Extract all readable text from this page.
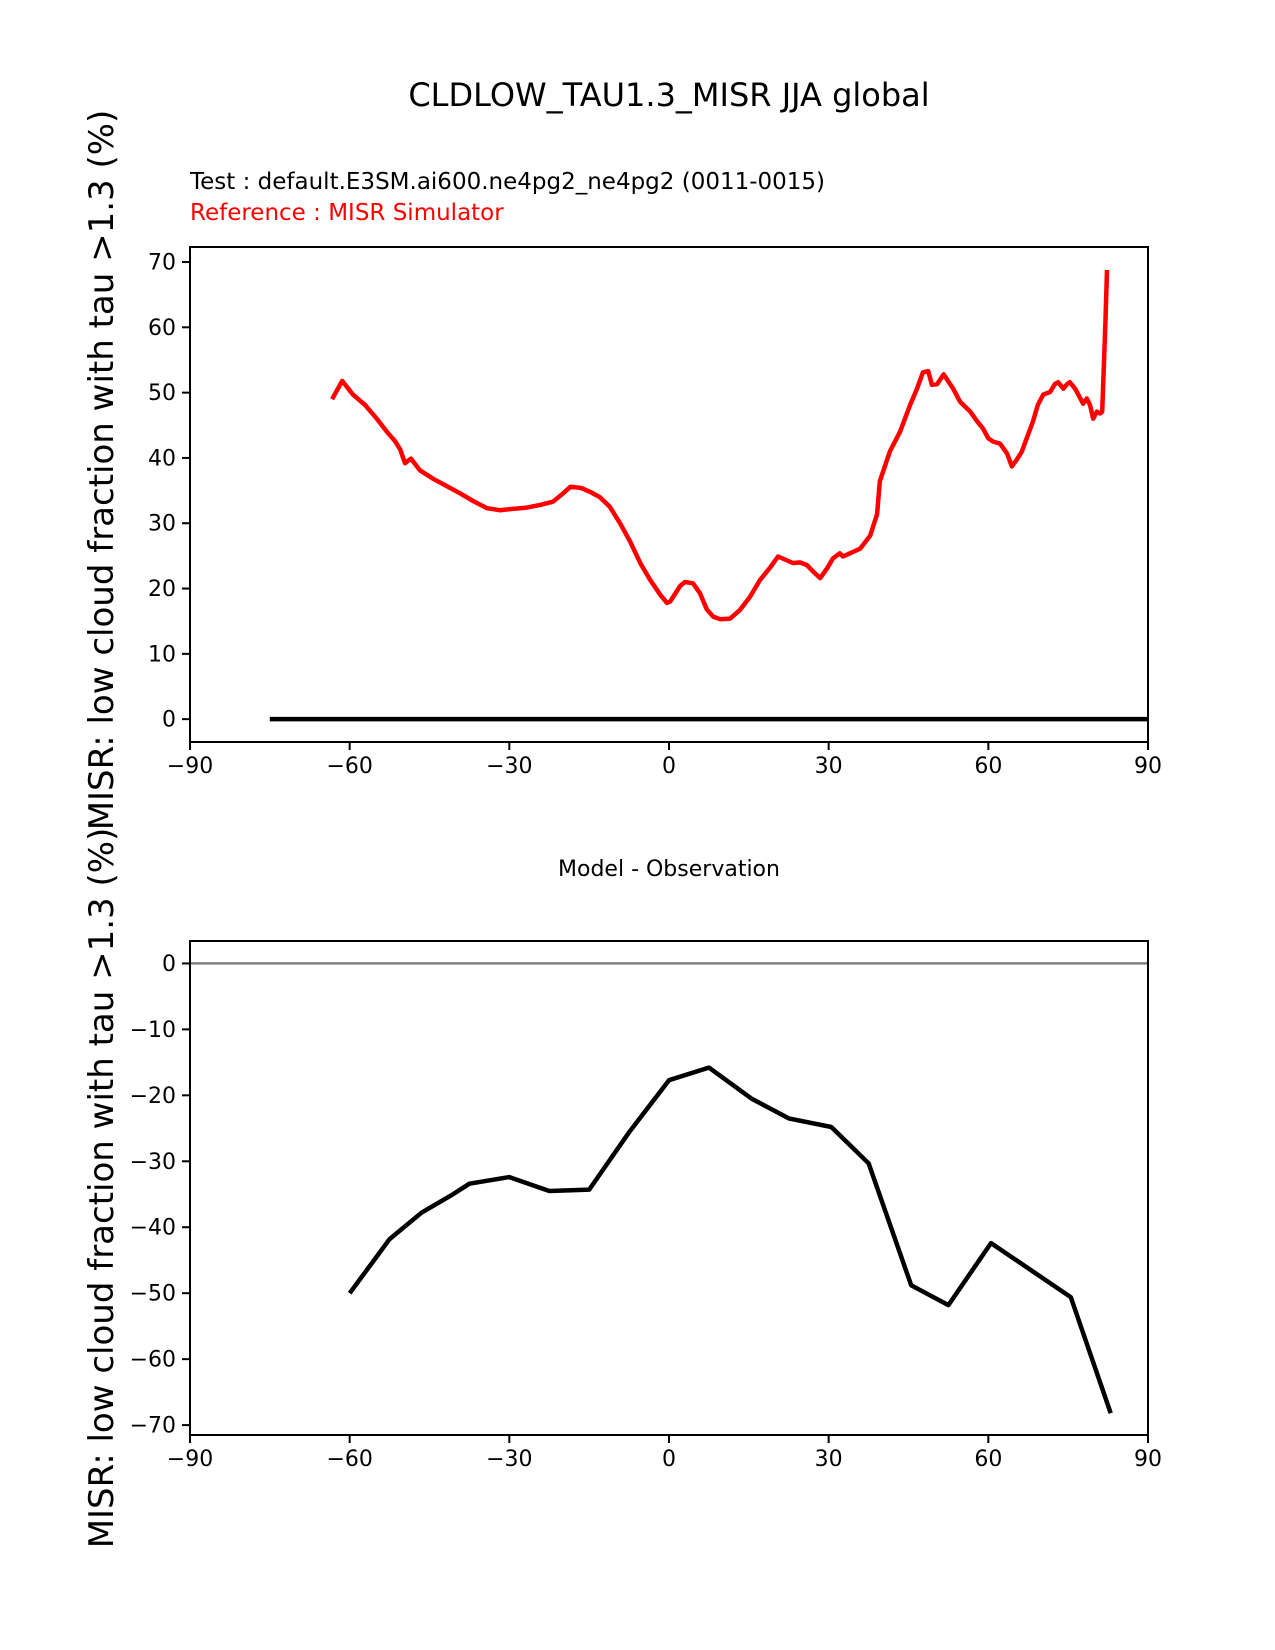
MISR: low cloud fraction with tau >1.3 (%)
MISR: low cloud fraction with tau >1.3 (%)
CLDLOW_TAU1.3_MISR JJA global
Test : default.E3SM.ai600.ne4pg2_ne4pg2 (0011-0015)
Reference : MISR Simulator
Model - Observation
−90	−60	−30	0	30	60	90
0
10
20
30
40
50
60
70
−90	−60	−30	0	30	60	90
0
−10
−20
−30
−40
−50
−60
−70
